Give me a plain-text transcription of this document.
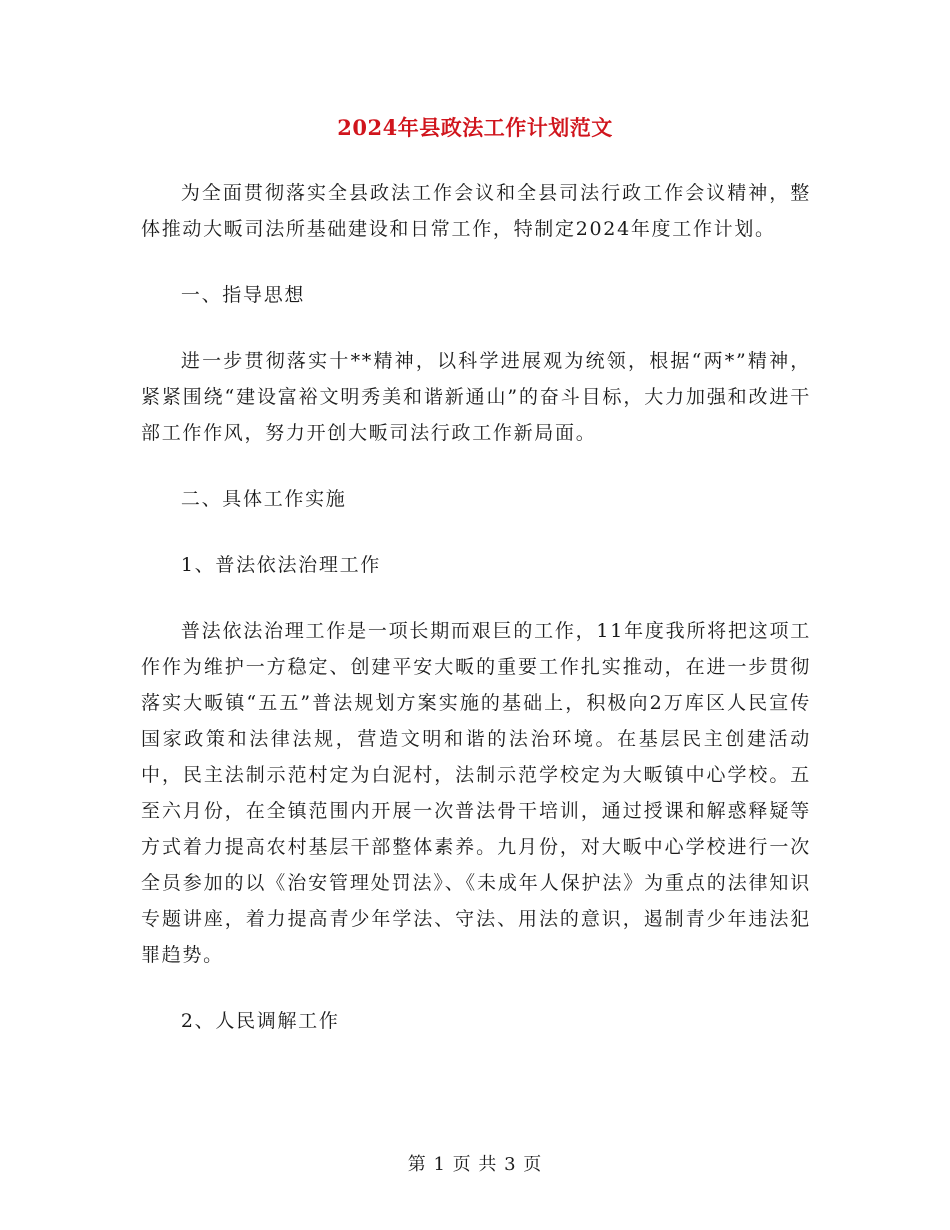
2024年县政法工作计划范文

为全面贯彻落实全县政法工作会议和全县司法行政工作会议精神，整体推动大畈司法所基础建设和日常工作，特制定2024年度工作计划。

一、指导思想

进一步贯彻落实十**精神，以科学进展观为统领，根据“两*”精神，紧紧围绕“建设富裕文明秀美和谐新通山”的奋斗目标，大力加强和改进干部工作作风，努力开创大畈司法行政工作新局面。

二、具体工作实施

1、普法依法治理工作

普法依法治理工作是一项长期而艰巨的工作，11年度我所将把这项工作作为维护一方稳定、创建平安大畈的重要工作扎实推动，在进一步贯彻落实大畈镇“五五”普法规划方案实施的基础上，积极向2万库区人民宣传国家政策和法律法规，营造文明和谐的法治环境。在基层民主创建活动中，民主法制示范村定为白泥村，法制示范学校定为大畈镇中心学校。五至六月份，在全镇范围内开展一次普法骨干培训，通过授课和解惑释疑等方式着力提高农村基层干部整体素养。九月份，对大畈中心学校进行一次全员参加的以《治安管理处罚法》、《未成年人保护法》为重点的法律知识专题讲座，着力提高青少年学法、守法、用法的意识，遏制青少年违法犯罪趋势。

2、人民调解工作

第 1 页 共 3 页
